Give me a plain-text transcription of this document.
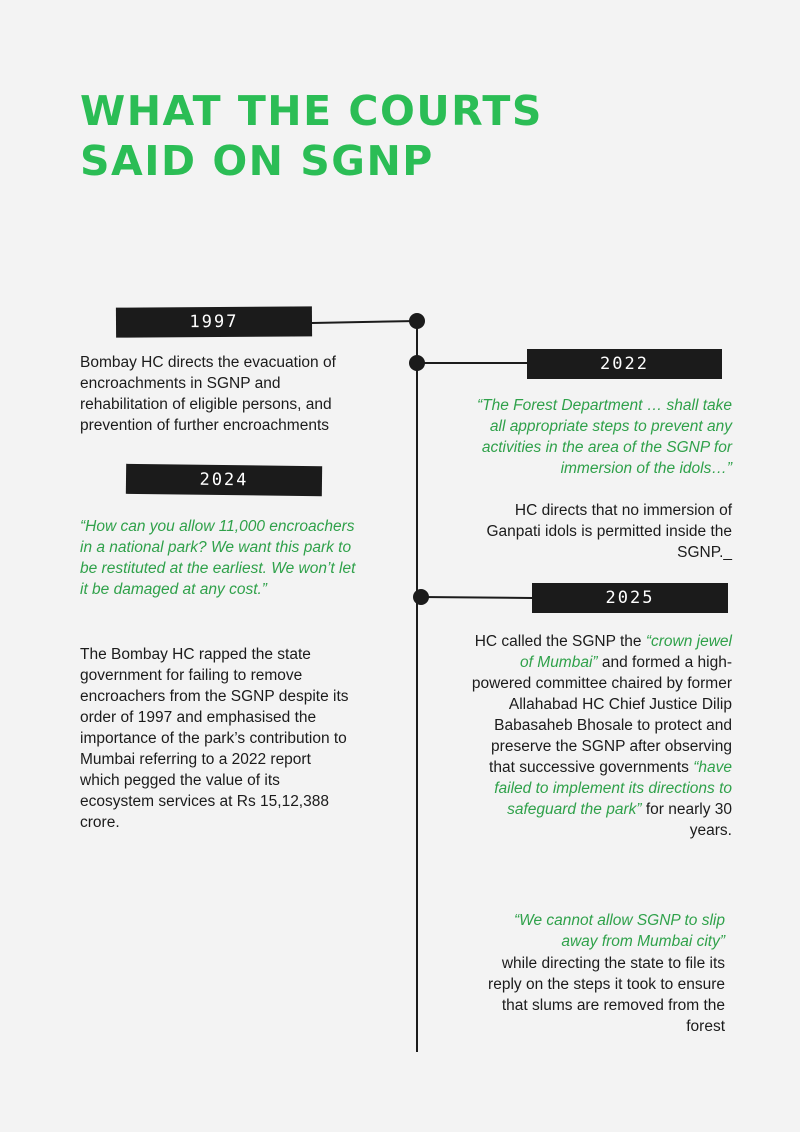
WHAT THE COURTS
SAID ON SGNP
1997

Bombay HC directs the evacuation of encroachments in SGNP and rehabilitation of eligible persons, and prevention of further encroachments

2022

“The Forest Department … shall take all appropriate steps to prevent any activities in the area of the SGNP for immersion of the idols…”

HC directs that no immersion of Ganpati idols is permitted inside the SGNP._

2024

“How can you allow 11,000 encroachers in a national park? We want this park to be restituted at the earliest. We won’t let it be damaged at any cost.”

The Bombay HC rapped the state government for failing to remove encroachers from the SGNP despite its order of 1997 and emphasised the importance of the park’s contribution to Mumbai referring to a 2022 report which pegged the value of its ecosystem services at Rs 15,12,388 crore.

2025

HC called the SGNP the “crown jewel of Mumbai” and formed a high-powered committee chaired by former Allahabad HC Chief Justice Dilip Babasaheb Bhosale to protect and preserve the SGNP after observing that successive governments “have failed to implement its directions to safeguard the park” for nearly 30 years.

“We cannot allow SGNP to slip away from Mumbai city”

while directing the state to file its reply on the steps it took to ensure that slums are removed from the forest
